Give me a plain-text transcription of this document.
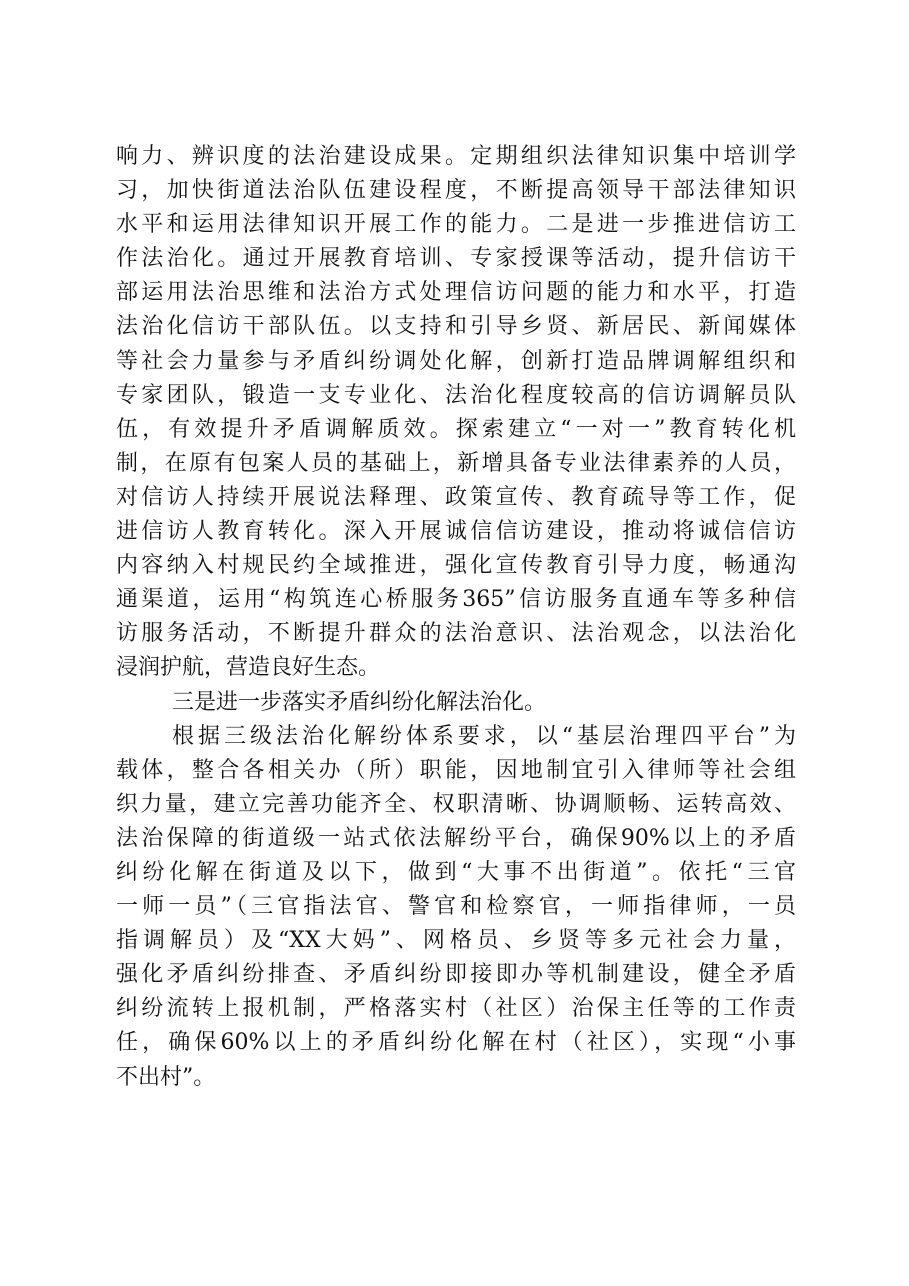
响力、辨识度的法治建设成果。定期组织法律知识集中培训学
习，加快街道法治队伍建设程度，不断提高领导干部法律知识
水平和运用法律知识开展工作的能力。二是进一步推进信访工
作法治化。通过开展教育培训、专家授课等活动，提升信访干
部运用法治思维和法治方式处理信访问题的能力和水平，打造
法治化信访干部队伍。以支持和引导乡贤、新居民、新闻媒体
等社会力量参与矛盾纠纷调处化解，创新打造品牌调解组织和
专家团队，锻造一支专业化、法治化程度较高的信访调解员队
伍，有效提升矛盾调解质效。探索建立“一对一”教育转化机
制，在原有包案人员的基础上，新增具备专业法律素养的人员，
对信访人持续开展说法释理、政策宣传、教育疏导等工作，促
进信访人教育转化。深入开展诚信信访建设，推动将诚信信访
内容纳入村规民约全域推进，强化宣传教育引导力度，畅通沟
通渠道，运用“构筑连心桥服务365”信访服务直通车等多种信
访服务活动，不断提升群众的法治意识、法治观念，以法治化
浸润护航，营造良好生态。
三是进一步落实矛盾纠纷化解法治化。
根据三级法治化解纷体系要求，以“基层治理四平台”为
载体，整合各相关办（所）职能，因地制宜引入律师等社会组
织力量，建立完善功能齐全、权职清晰、协调顺畅、运转高效、
法治保障的街道级一站式依法解纷平台，确保90%以上的矛盾
纠纷化解在街道及以下，做到“大事不出街道”。依托“三官
一师一员”（三官指法官、警官和检察官，一师指律师，一员
指调解员）及“XX大妈”、网格员、乡贤等多元社会力量，
强化矛盾纠纷排查、矛盾纠纷即接即办等机制建设，健全矛盾
纠纷流转上报机制，严格落实村（社区）治保主任等的工作责
任，确保60%以上的矛盾纠纷化解在村（社区），实现“小事
不出村”。
